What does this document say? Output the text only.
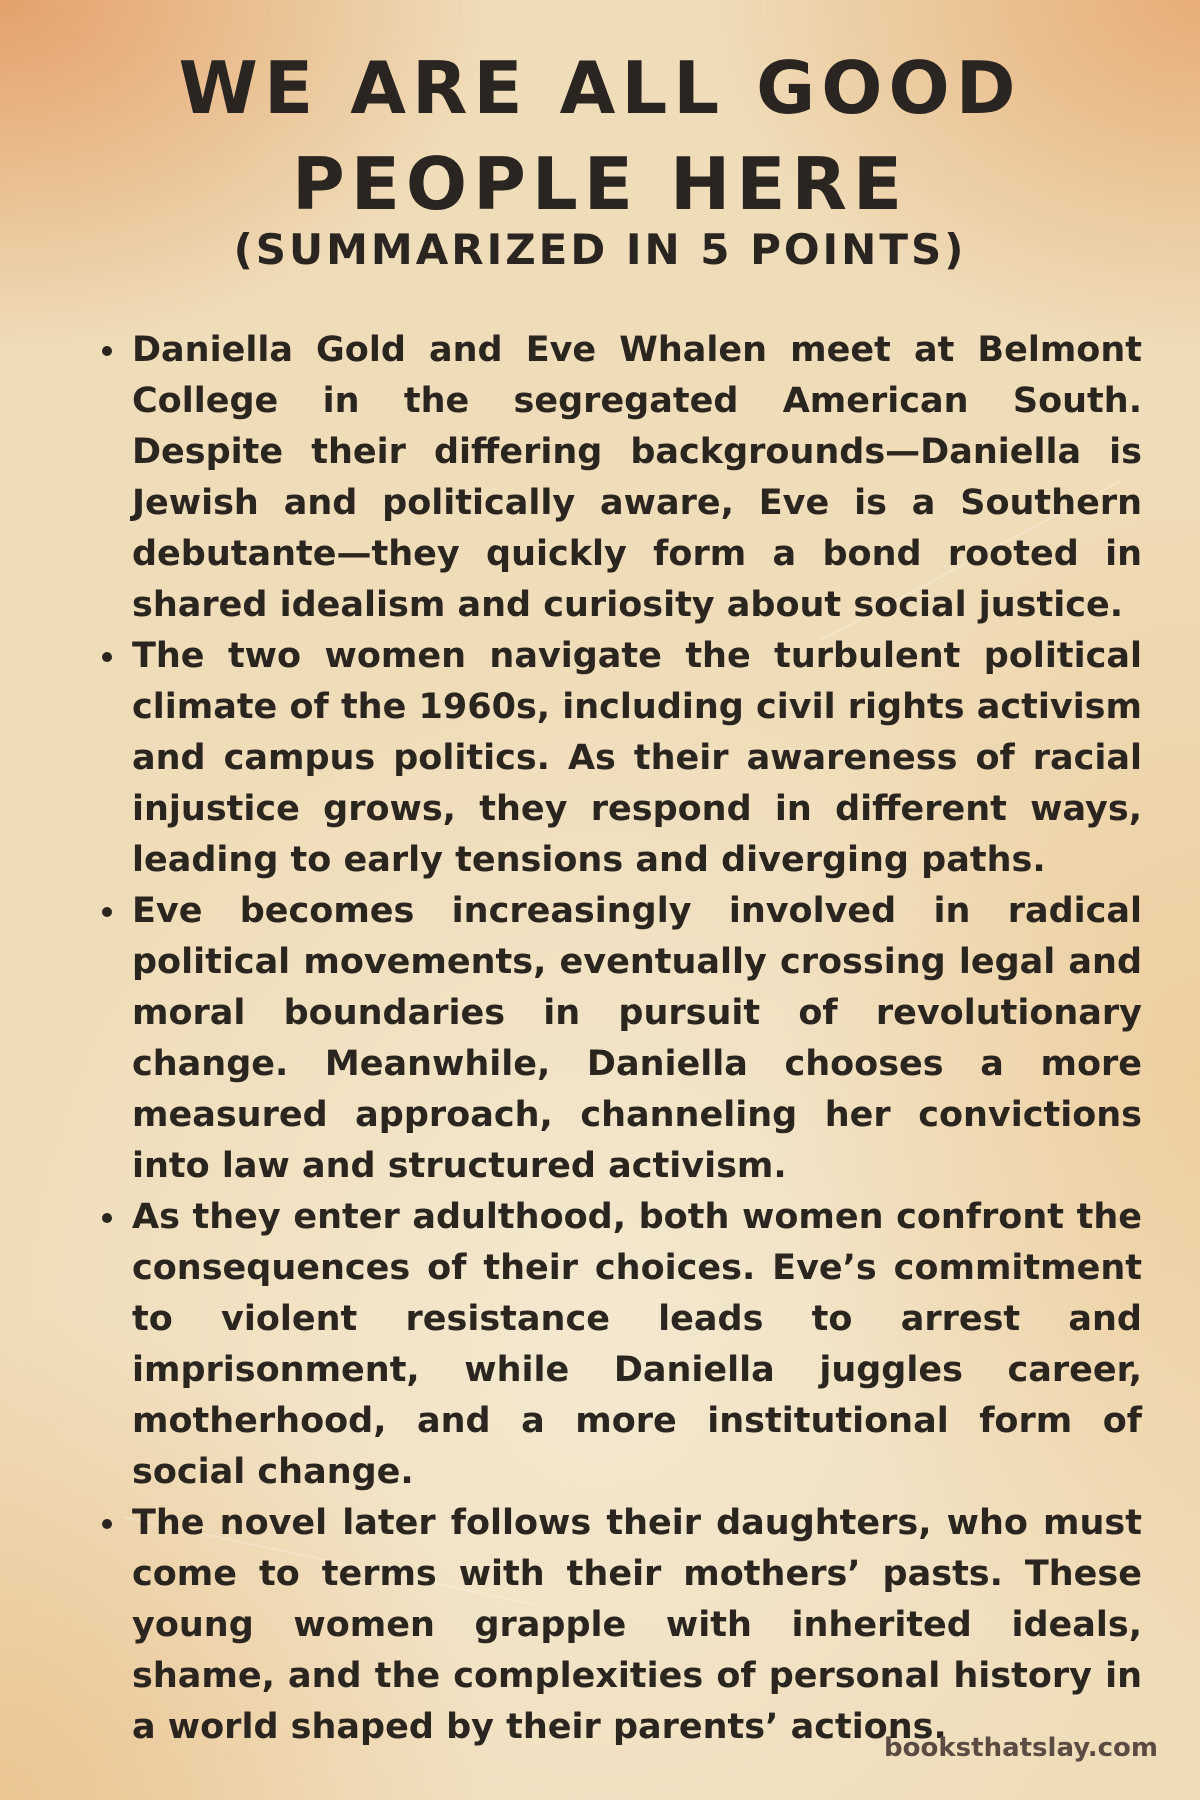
WE ARE ALL GOOD PEOPLE HERE
(SUMMARIZED IN 5 POINTS)
Daniella Gold and Eve Whalen meet at Belmont College in the segregated American South. Despite their differing backgrounds—Daniella is Jewish and politically aware, Eve is a Southern debutante—they quickly form a bond rooted in shared idealism and curiosity about social justice.
The two women navigate the turbulent political climate of the 1960s, including civil rights activism and campus politics. As their awareness of racial injustice grows, they respond in different ways, leading to early tensions and diverging paths.
Eve becomes increasingly involved in radical political movements, eventually crossing legal and moral boundaries in pursuit of revolutionary change. Meanwhile, Daniella chooses a more measured approach, channeling her convictions into law and structured activism.
As they enter adulthood, both women confront the consequences of their choices. Eve’s commitment to violent resistance leads to arrest and imprisonment, while Daniella juggles career, motherhood, and a more institutional form of social change.
The novel later follows their daughters, who must come to terms with their mothers’ pasts. These young women grapple with inherited ideals, shame, and the complexities of personal history in a world shaped by their parents’ actions.
booksthatslay.com
